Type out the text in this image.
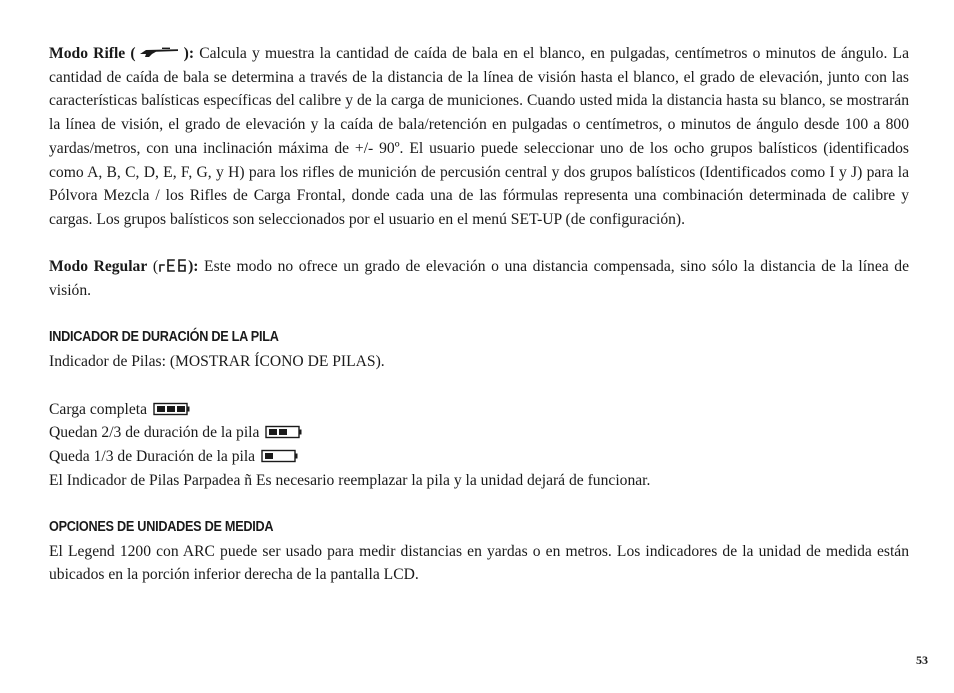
Modo Rifle (	): Calcula y muestra la cantidad de caída de bala en el blanco, en pulgadas, centímetros o minutos de ángulo. La cantidad de caída de bala se determina a través de la distancia de la línea de visión hasta el blanco, el grado de elevación, junto con las características balísticas específicas del calibre y de la carga de municiones. Cuando usted mida la distancia hasta su blanco, se mostrarán la línea de visión, el grado de elevación y la caída de bala/retención en pulgadas o centímetros, o minutos de ángulo desde 100 a 800 yardas/metros, con una inclinación máxima de +/- 90º. El usuario puede seleccionar uno de los ocho grupos balísticos (identificados como A, B, C, D, E, F, G, y H) para los rifles de munición de percusión central y dos grupos balísticos (Identificados como I y J) para la Pólvora Mezcla / los Rifles de Carga Frontal, donde cada una de las fórmulas representa una combinación determinada de calibre y cargas. Los grupos balísticos son seleccionados por el usuario en el menú SET-UP (de configuración).

Modo Regular ( ): Este modo no ofrece un grado de elevación o una distancia compensada, sino sólo la distancia de la línea de visión.

INDICADOR DE DURACIÓN DE LA PILA

Indicador de Pilas: (MOSTRAR ÍCONO DE PILAS).

Carga completa

Quedan 2/3 de duración de la pila

Queda 1/3 de Duración de la pila

El Indicador de Pilas Parpadea ñ Es necesario reemplazar la pila y la unidad dejará de funcionar.

OPCIONES DE UNIDADES DE MEDIDA

El Legend 1200 con ARC puede ser usado para medir distancias en yardas o en metros. Los indicadores de la unidad de medida están ubicados en la porción inferior derecha de la pantalla LCD.

53
